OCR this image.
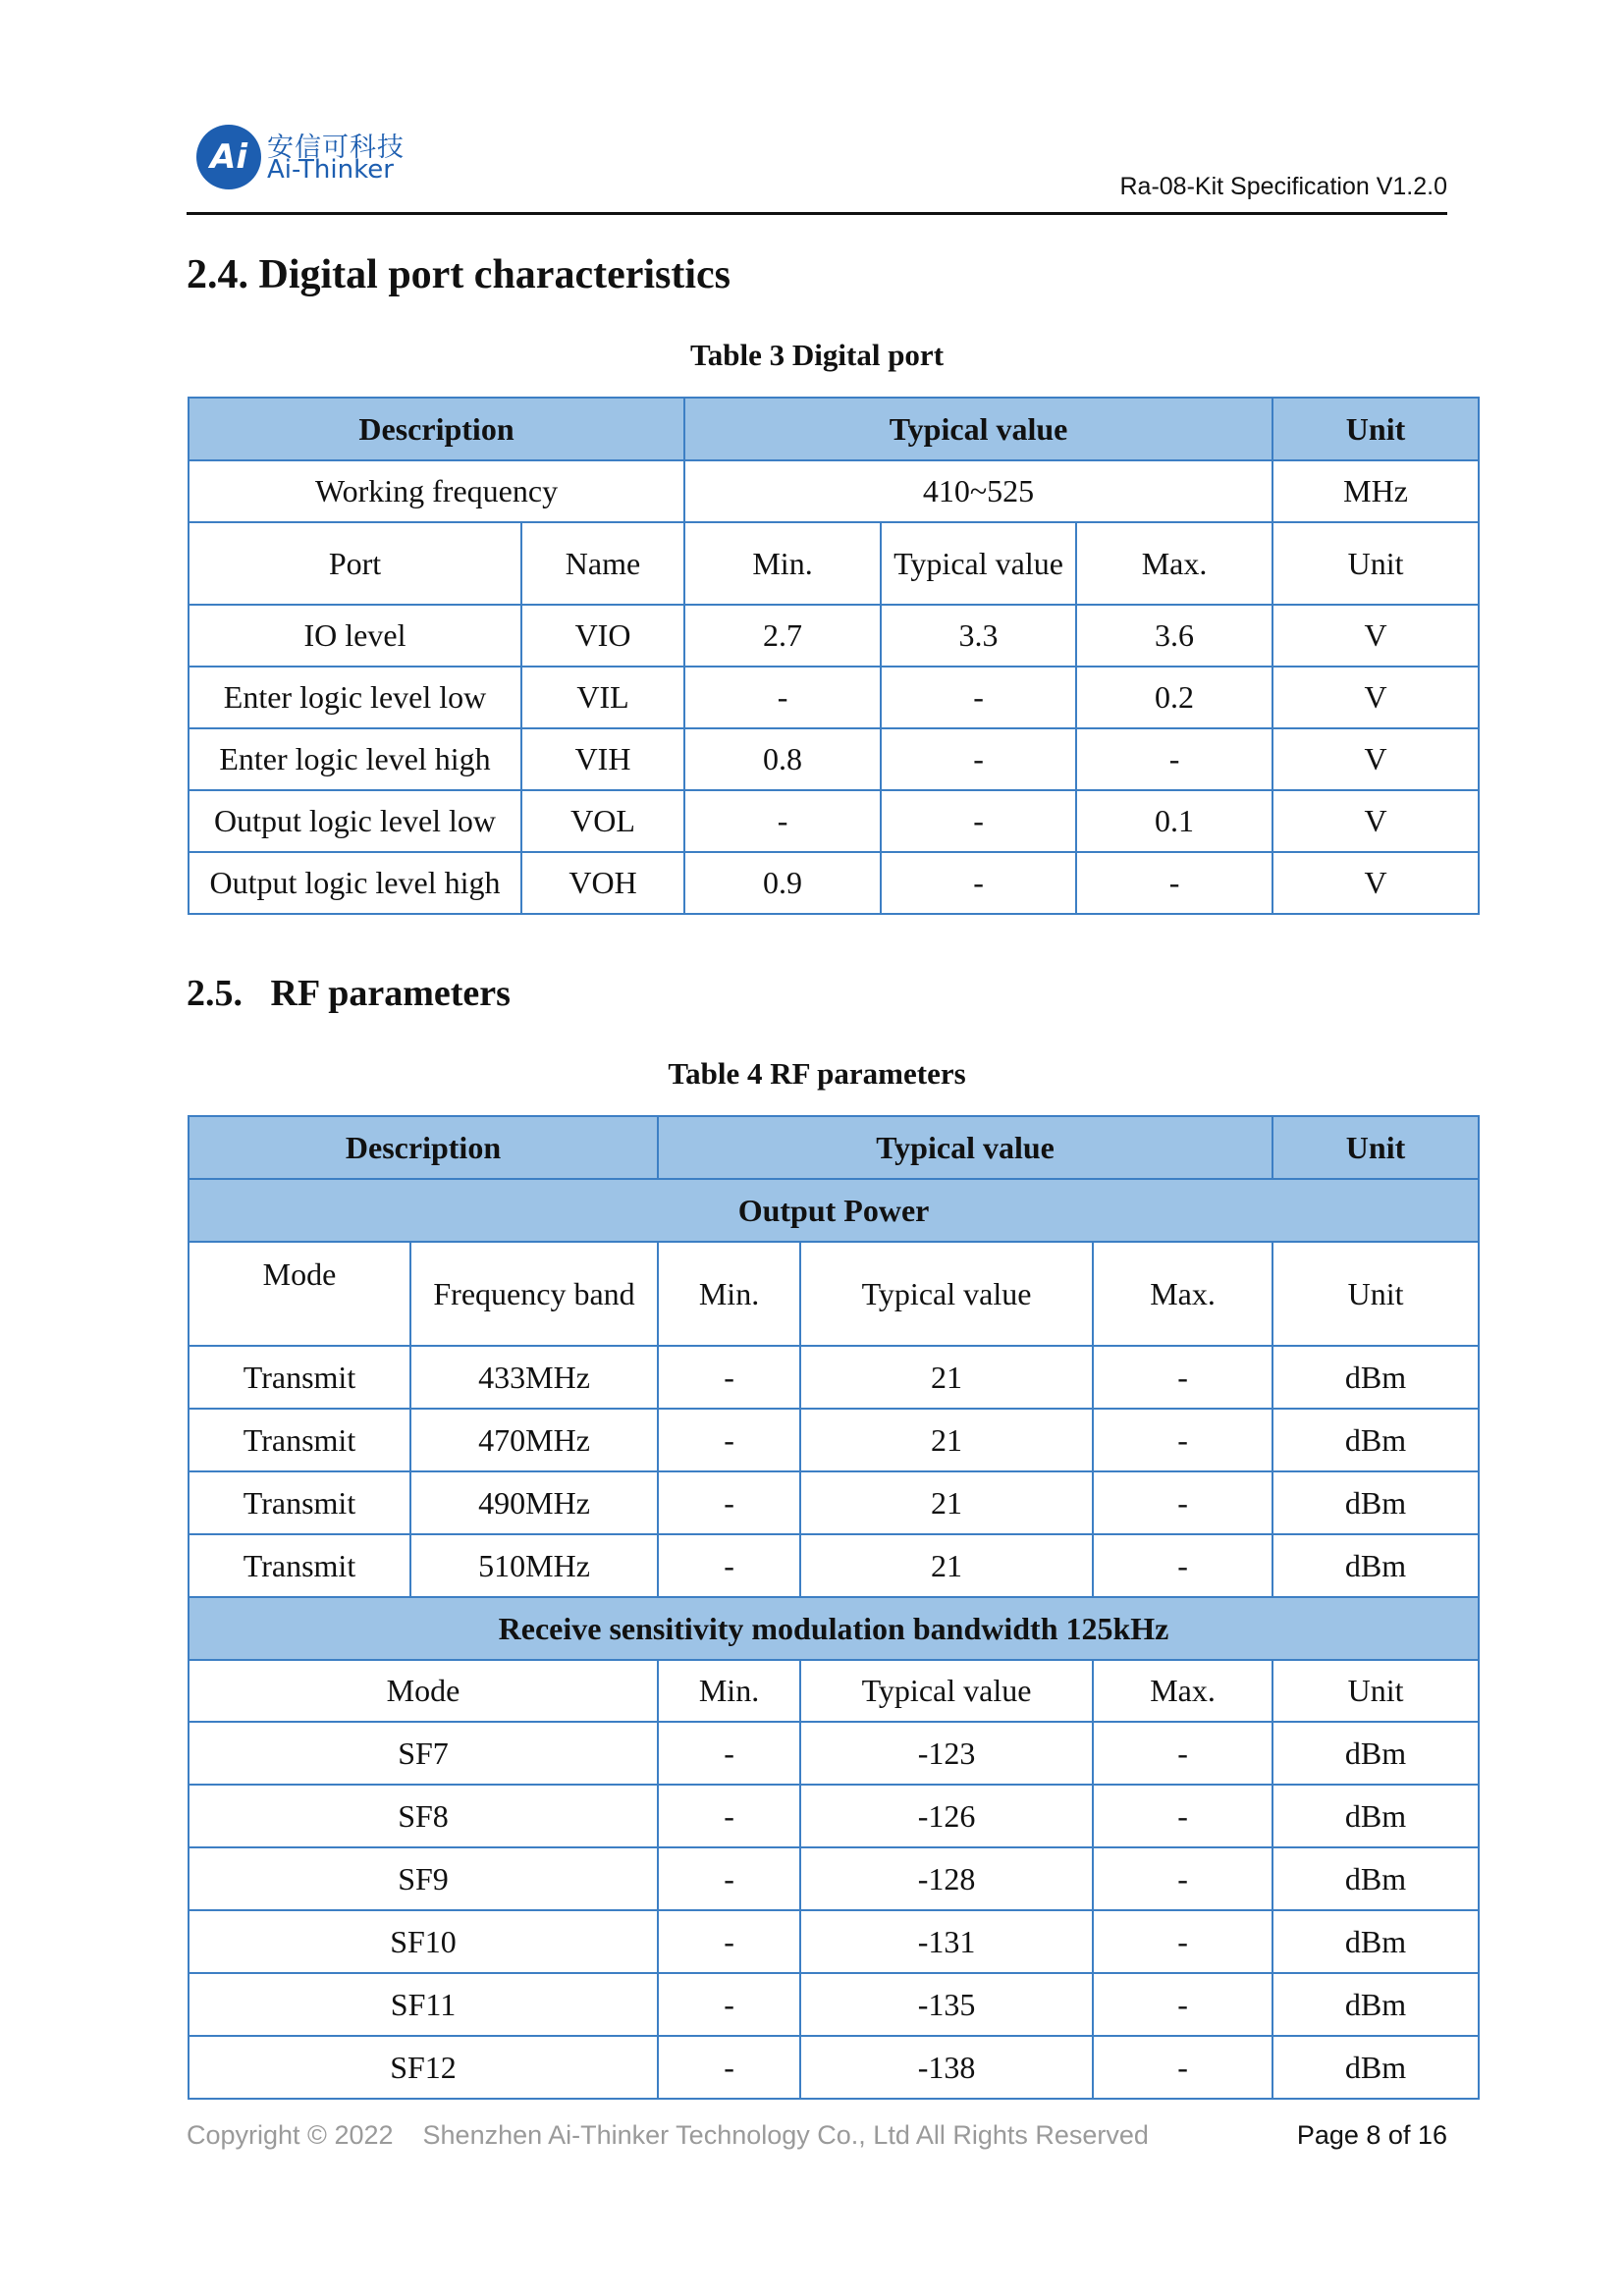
Ai 安信可科技
Ai-Thinker
Ra-08-Kit Specification V1.2.0
2.4. Digital port characteristics
Table 3 Digital port
Description		Typical value			Unit
Working frequency		410~525			MHz
Port	Name	Min.	Typical value	Max.	Unit
IO level	VIO	2.7	3.3	3.6	V
Enter logic level low	VIL	-	-	0.2	V
Enter logic level high	VIH	0.8	-	-	V
Output logic level low	VOL	-	-	0.1	V
Output logic level high	VOH	0.9	-	-	V
2.5.   RF parameters
Table 4 RF parameters
Description		Typical value			Unit
Output Power					
Mode	Frequency band	Min.	Typical value	Max.	Unit
Transmit	433MHz	-	21	-	dBm
Transmit	470MHz	-	21	-	dBm
Transmit	490MHz	-	21	-	dBm
Transmit	510MHz	-	21	-	dBm
Receive sensitivity modulation bandwidth 125kHz					
Mode		Min.	Typical value	Max.	Unit
SF7		-	-123	-	dBm
SF8		-	-126	-	dBm
SF9		-	-128	-	dBm
SF10		-	-131	-	dBm
SF11		-	-135	-	dBm
SF12		-	-138	-	dBm
Copyright © 2022    Shenzhen Ai-Thinker Technology Co., Ltd All Rights Reserved	Page 8 of 16
